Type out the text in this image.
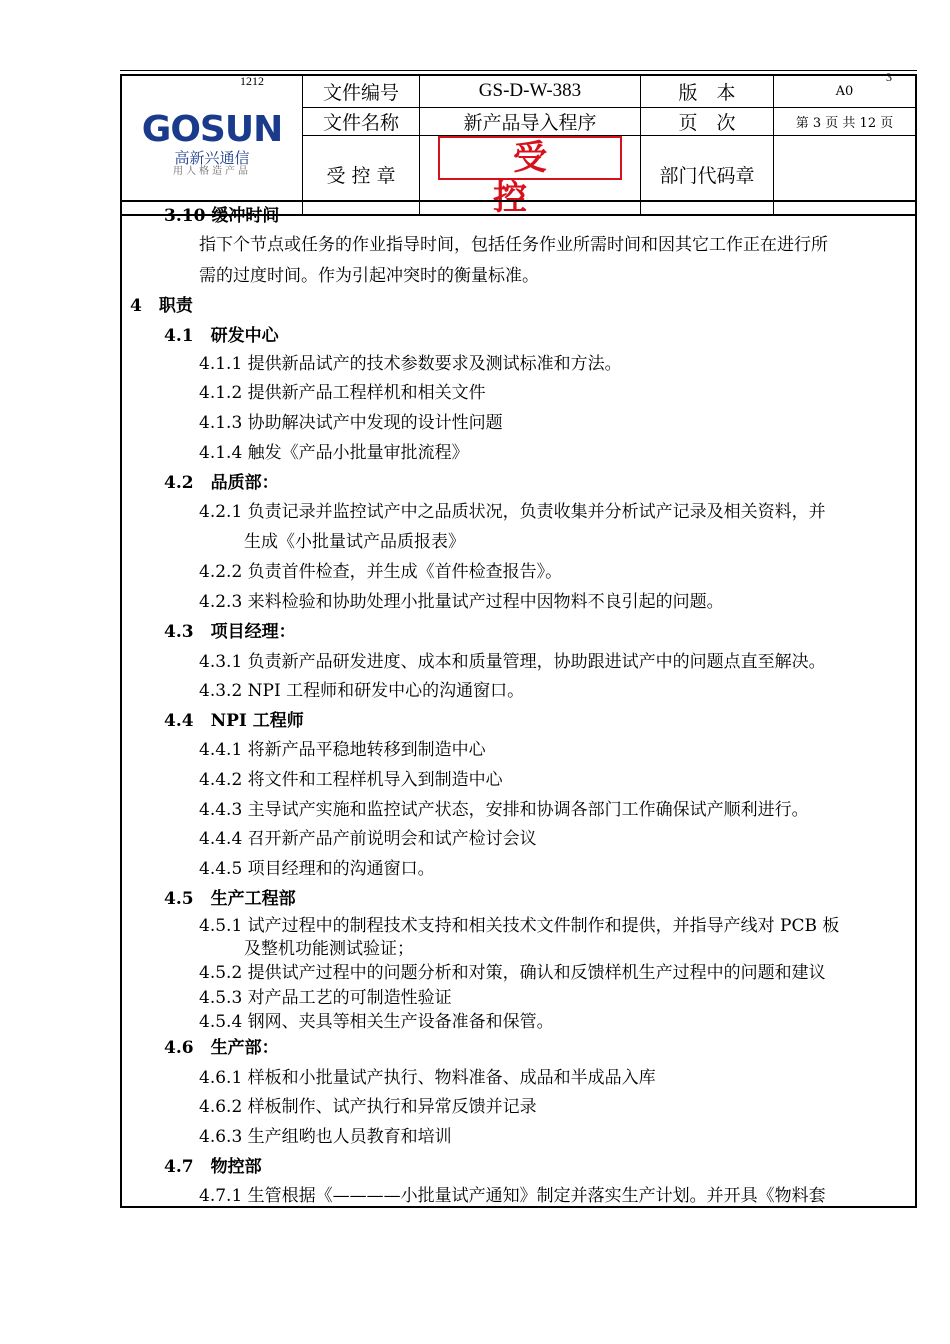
1212	3
GOSUN
高新兴通信
用人格造产品	文件编号	GS-D-W-383	版　本	A0
	文件名称	新产品导入程序	页　次	第 3 页 共 12 页
	受 控 章	受控	部门代码章	
3.10 缓冲时间
指下个节点或任务的作业指导时间，包括任务作业所需时间和因其它工作正在进行所
需的过度时间。作为引起冲突时的衡量标准。
4　职责
4.1　研发中心
4.1.1 提供新品试产的技术参数要求及测试标准和方法。
4.1.2 提供新产品工程样机和相关文件
4.1.3 协助解决试产中发现的设计性问题
4.1.4 触发《产品小批量审批流程》
4.2　品质部：
4.2.1 负责记录并监控试产中之品质状况，负责收集并分析试产记录及相关资料，并
生成《小批量试产品质报表》
4.2.2 负责首件检查，并生成《首件检查报告》。
4.2.3 来料检验和协助处理小批量试产过程中因物料不良引起的问题。
4.3　项目经理：
4.3.1 负责新产品研发进度、成本和质量管理，协助跟进试产中的问题点直至解决。
4.3.2 NPI 工程师和研发中心的沟通窗口。
4.4　NPI 工程师
4.4.1 将新产品平稳地转移到制造中心
4.4.2 将文件和工程样机导入到制造中心
4.4.3 主导试产实施和监控试产状态，安排和协调各部门工作确保试产顺利进行。
4.4.4 召开新产品产前说明会和试产检讨会议
4.4.5 项目经理和的沟通窗口。
4.5　生产工程部
4.5.1 试产过程中的制程技术支持和相关技术文件制作和提供，并指导产线对 PCB 板
及整机功能测试验证；
4.5.2 提供试产过程中的问题分析和对策，确认和反馈样机生产过程中的问题和建议
4.5.3 对产品工艺的可制造性验证
4.5.4 钢网、夹具等相关生产设备准备和保管。
4.6　生产部：
4.6.1 样板和小批量试产执行、物料准备、成品和半成品入库
4.6.2 样板制作、试产执行和异常反馈并记录
4.6.3 生产组哟也人员教育和培训
4.7　物控部
4.7.1 生管根据《————小批量试产通知》制定并落实生产计划。并开具《物料套
